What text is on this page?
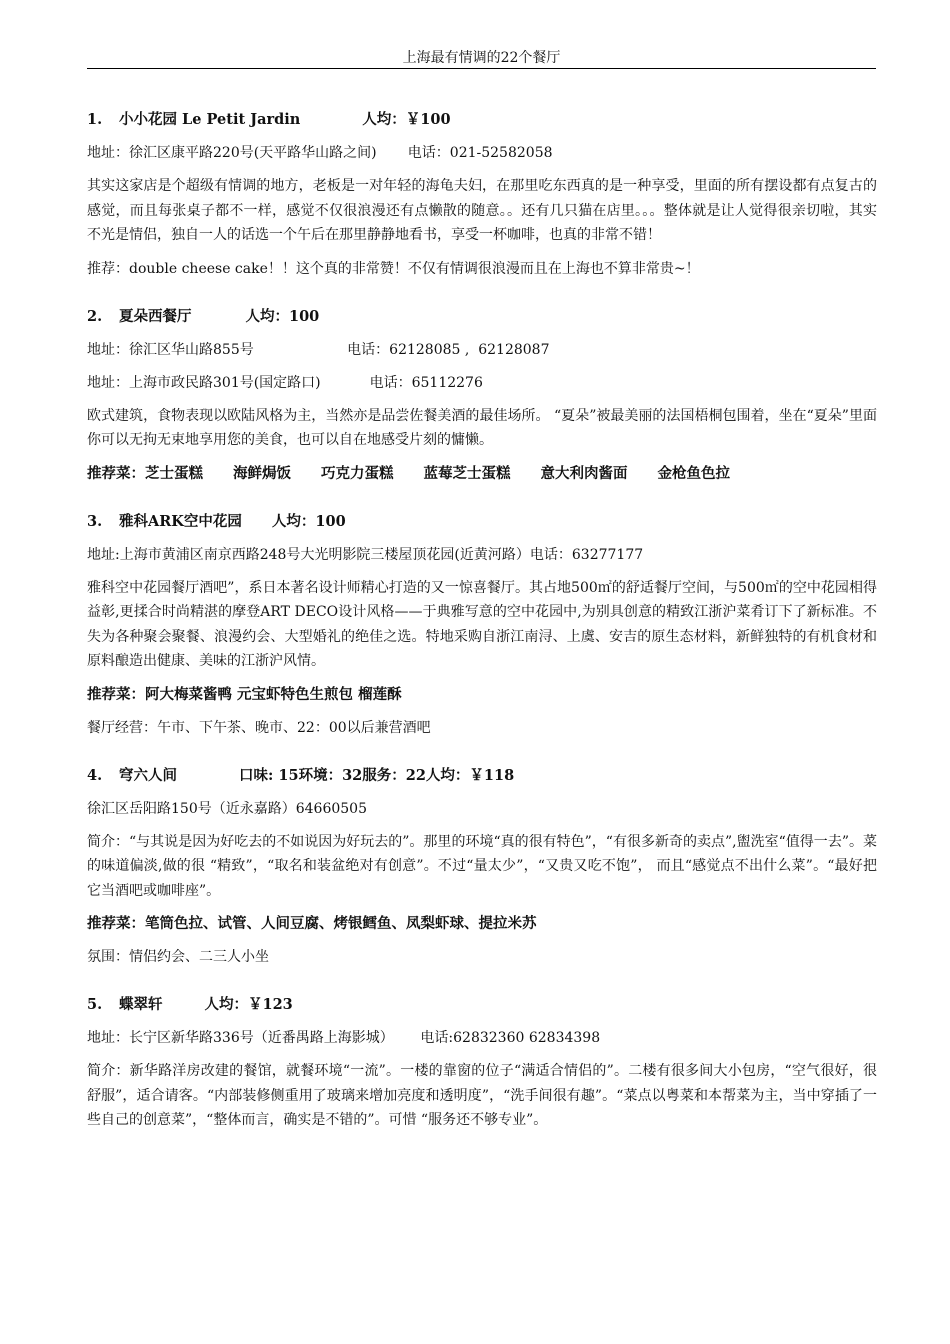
上海最有情调的22个餐厅
1. 小小花园 Le Petit Jardin	人均：￥100
地址：徐汇区康平路220号(天平路华山路之间)       电话：021-52582058
其实这家店是个超级有情调的地方，老板是一对年轻的海龟夫妇，在那里吃东西真的是一种享受，里面的所有摆设都有点复古的感觉，而且每张桌子都不一样，感觉不仅很浪漫还有点懒散的随意。。还有几只猫在店里。。。整体就是让人觉得很亲切啦，其实不光是情侣，独自一人的话选一个午后在那里静静地看书，享受一杯咖啡，也真的非常不错！
推荐：double cheese cake！！这个真的非常赞！不仅有情调很浪漫而且在上海也不算非常贵~！
2. 夏朵西餐厅	人均：100
地址：徐汇区华山路855号                     电话：62128085 ,  62128087
地址：上海市政民路301号(国定路口)           电话：65112276
欧式建筑，食物表现以欧陆风格为主，当然亦是品尝佐餐美酒的最佳场所。 “夏朵”被最美丽的法国梧桐包围着，坐在“夏朵”里面你可以无拘无束地享用您的美食，也可以自在地感受片刻的慵懒。
推荐菜：芝士蛋糕 海鲜焗饭 巧克力蛋糕 蓝莓芝士蛋糕 意大利肉酱面 金枪鱼色拉
3. 雅科ARK空中花园 人均：100
地址:上海市黄浦区南京西路248号大光明影院三楼屋顶花园(近黄河路）电话：63277177
雅科空中花园餐厅酒吧”，系日本著名设计师精心打造的又一惊喜餐厅。其占地500㎡的舒适餐厅空间，与500㎡的空中花园相得益彰,更揉合时尚精湛的摩登ART DECO设计风格——于典雅写意的空中花园中,为别具创意的精致江浙沪菜肴订下了新标准。不失为各种聚会聚餐、浪漫约会、大型婚礼的绝佳之选。特地采购自浙江南浔、上虞、安吉的原生态材料，新鲜独特的有机食材和原料酿造出健康、美味的江浙沪风情。
推荐菜：阿大梅菜酱鸭 元宝虾特色生煎包 榴莲酥
餐厅经营：午市、下午茶、晚市、22：00以后兼营酒吧
4. 穹六人间	口味: 15环境：32服务：22人均：￥118
徐汇区岳阳路150号（近永嘉路）64660505
简介：“与其说是因为好吃去的不如说因为好玩去的”。那里的环境“真的很有特色”，“有很多新奇的卖点”,盥洗室“值得一去”。菜的味道偏淡,做的很 “精致”，“取名和装盆绝对有创意”。不过“量太少”，“又贵又吃不饱”， 而且“感觉点不出什么菜”。“最好把它当酒吧或咖啡座”。
推荐菜：笔筒色拉、试管、人间豆腐、烤银鳕鱼、凤梨虾球、提拉米苏
氛围：情侣约会、二三人小坐
5. 蝶翠轩	人均：￥123
地址：长宁区新华路336号（近番禺路上海影城）      电话:62832360 62834398
简介：新华路洋房改建的餐馆，就餐环境“一流”。一楼的靠窗的位子“满适合情侣的”。二楼有很多间大小包房，“空气很好，很舒服”，适合请客。“内部装修侧重用了玻璃来增加亮度和透明度”，“洗手间很有趣”。“菜点以粤菜和本帮菜为主，当中穿插了一些自己的创意菜”，“整体而言，确实是不错的”。可惜 “服务还不够专业”。
